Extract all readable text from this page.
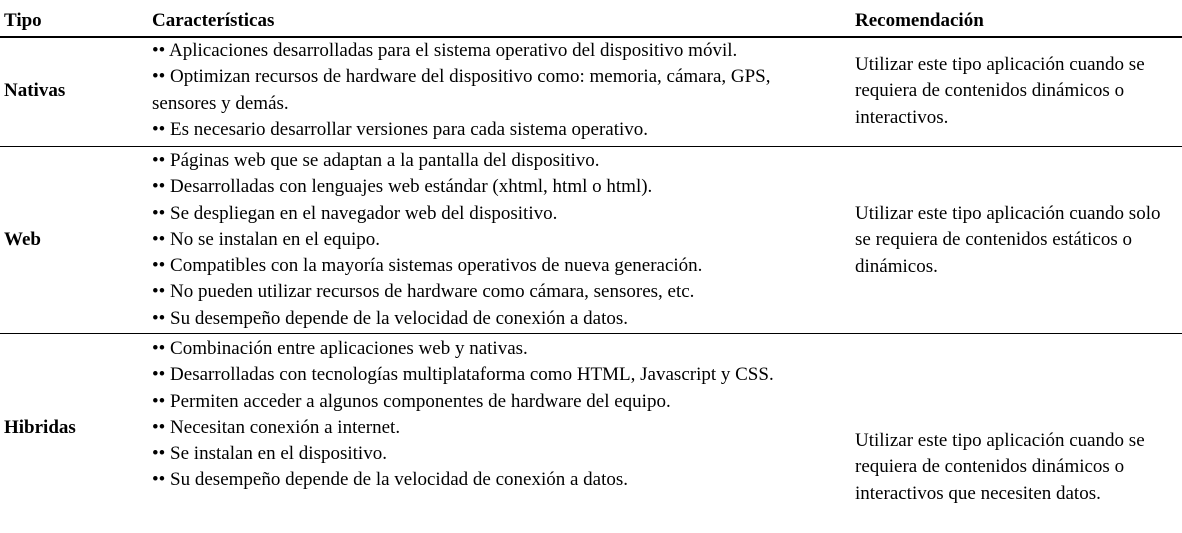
Tipo	Características	Recomendación
Nativas
•• Aplicaciones desarrolladas para el sistema operativo del dispositivo móvil.
•• Optimizan recursos de hardware del dispositivo como: memoria, cámara, GPS, sensores y demás.
•• Es necesario desarrollar versiones para cada sistema operativo.
Utilizar este tipo aplicación cuando se requiera de contenidos dinámicos o interactivos.
Web
•• Páginas web que se adaptan a la pantalla del dispositivo.
•• Desarrolladas con lenguajes web estándar (xhtml, html o html).
•• Se despliegan en el navegador web del dispositivo.
•• No se instalan en el equipo.
•• Compatibles con la mayoría sistemas operativos de nueva generación.
•• No pueden utilizar recursos de hardware como cámara, sensores, etc.
•• Su desempeño depende de la velocidad de conexión a datos.
Utilizar este tipo aplicación cuando solo se requiera de contenidos estáticos o dinámicos.
Hibridas
•• Combinación entre aplicaciones web y nativas.
•• Desarrolladas con tecnologías multiplataforma como HTML, Javascript y CSS.
•• Permiten acceder a algunos componentes de hardware del equipo.
•• Necesitan conexión a internet.
•• Se instalan en el dispositivo.
•• Su desempeño depende de la velocidad de conexión a datos.
Utilizar este tipo aplicación cuando se requiera de contenidos dinámicos o interactivos que necesiten datos.
